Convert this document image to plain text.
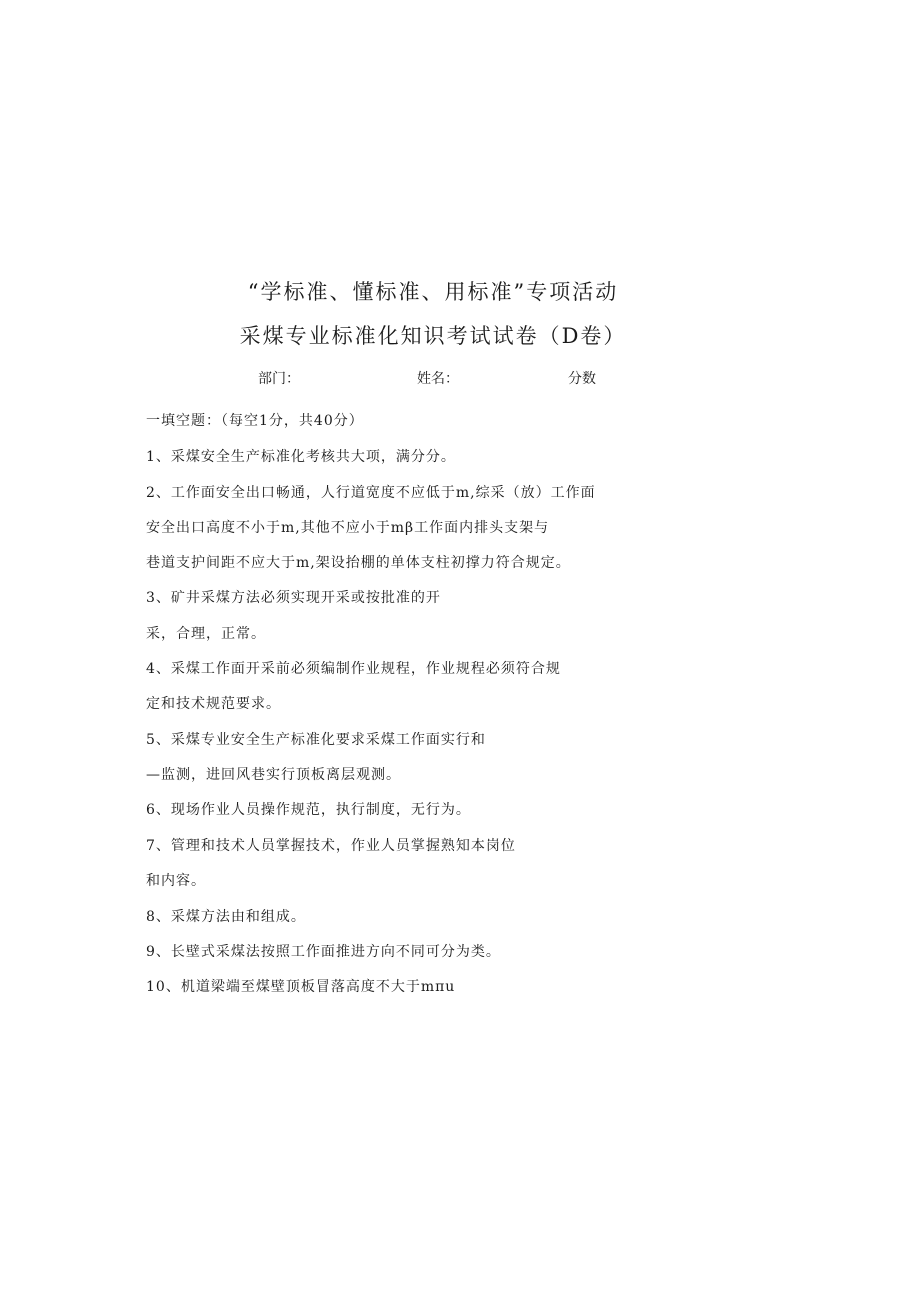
“学标准、懂标准、用标准”专项活动
采煤专业标准化知识考试试卷（D卷）
部门：	姓名：	分数
一填空题：（每空1分，共40分）
1、采煤安全生产标准化考核共大项，满分分。
2、工作面安全出口畅通，人行道宽度不应低于m,综采（放）工作面
安全出口高度不小于m,其他不应小于mβ工作面内排头支架与
巷道支护间距不应大于m,架设抬棚的单体支柱初撑力符合规定。
3、矿井采煤方法必须实现开采或按批准的开
采，合理，正常。
4、采煤工作面开采前必须编制作业规程，作业规程必须符合规
定和技术规范要求。
5、采煤专业安全生产标准化要求采煤工作面实行和
—监测，进回风巷实行顶板离层观测。
6、现场作业人员操作规范，执行制度，无行为。
7、管理和技术人员掌握技术，作业人员掌握熟知本岗位
和内容。
8、采煤方法由和组成。
9、长壁式采煤法按照工作面推进方向不同可分为类。
10、机道梁端至煤壁顶板冒落高度不大于mπu
